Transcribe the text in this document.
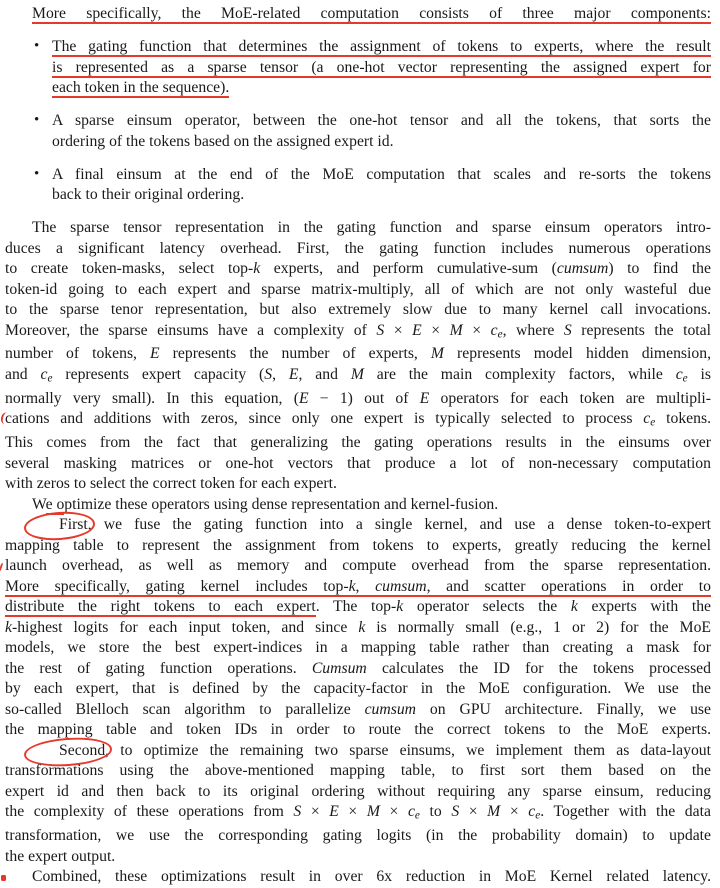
More specifically, the MoE-related computation consists of three major components:
• The gating function that determines the assignment of tokens to experts, where the result
is represented as a sparse tensor (a one-hot vector representing the assigned expert for
each token in the sequence).
• A sparse einsum operator, between the one-hot tensor and all the tokens, that sorts the
ordering of the tokens based on the assigned expert id.
• A final einsum at the end of the MoE computation that scales and re-sorts the tokens
back to their original ordering.
The sparse tensor representation in the gating function and sparse einsum operators intro-
duces a significant latency overhead. First, the gating function includes numerous operations
to create token-masks, select top-k experts, and perform cumulative-sum (cumsum) to find the
token-id going to each expert and sparse matrix-multiply, all of which are not only wasteful due
to the sparse tenor representation, but also extremely slow due to many kernel call invocations.
Moreover, the sparse einsums have a complexity of $S \times E \times M \times c_e$, where S represents the total
number of tokens, E represents the number of experts, M represents model hidden dimension,
and $c_e$ represents expert capacity (S, E, and M are the main complexity factors, while $c_e$ is
normally very small). In this equation, (E − 1) out of E operators for each token are multipli-
cations and additions with zeros, since only one expert is typically selected to process $c_e$ tokens.
This comes from the fact that generalizing the gating operations results in the einsums over
several masking matrices or one-hot vectors that produce a lot of non-necessary computation
with zeros to select the correct token for each expert.
We optimize these operators using dense representation and kernel-fusion.
First, we fuse the gating function into a single kernel, and use a dense token-to-expert
mapping table to represent the assignment from tokens to experts, greatly reducing the kernel
launch overhead, as well as memory and compute overhead from the sparse representation.
More specifically, gating kernel includes top-k, cumsum, and scatter operations in order to
distribute the right tokens to each expert. The top-k operator selects the k experts with the
k-highest logits for each input token, and since k is normally small (e.g., 1 or 2) for the MoE
models, we store the best expert-indices in a mapping table rather than creating a mask for
the rest of gating function operations. Cumsum calculates the ID for the tokens processed
by each expert, that is defined by the capacity-factor in the MoE configuration. We use the
so-called Blelloch scan algorithm to parallelize cumsum on GPU architecture. Finally, we use
the mapping table and token IDs in order to route the correct tokens to the MoE experts.
Second, to optimize the remaining two sparse einsums, we implement them as data-layout
transformations using the above-mentioned mapping table, to first sort them based on the
expert id and then back to its original ordering without requiring any sparse einsum, reducing
the complexity of these operations from $S \times E \times M \times c_e$ to $S \times M \times c_e$. Together with the data
transformation, we use the corresponding gating logits (in the probability domain) to update
the expert output.
Combined, these optimizations result in over 6x reduction in MoE Kernel related latency.
